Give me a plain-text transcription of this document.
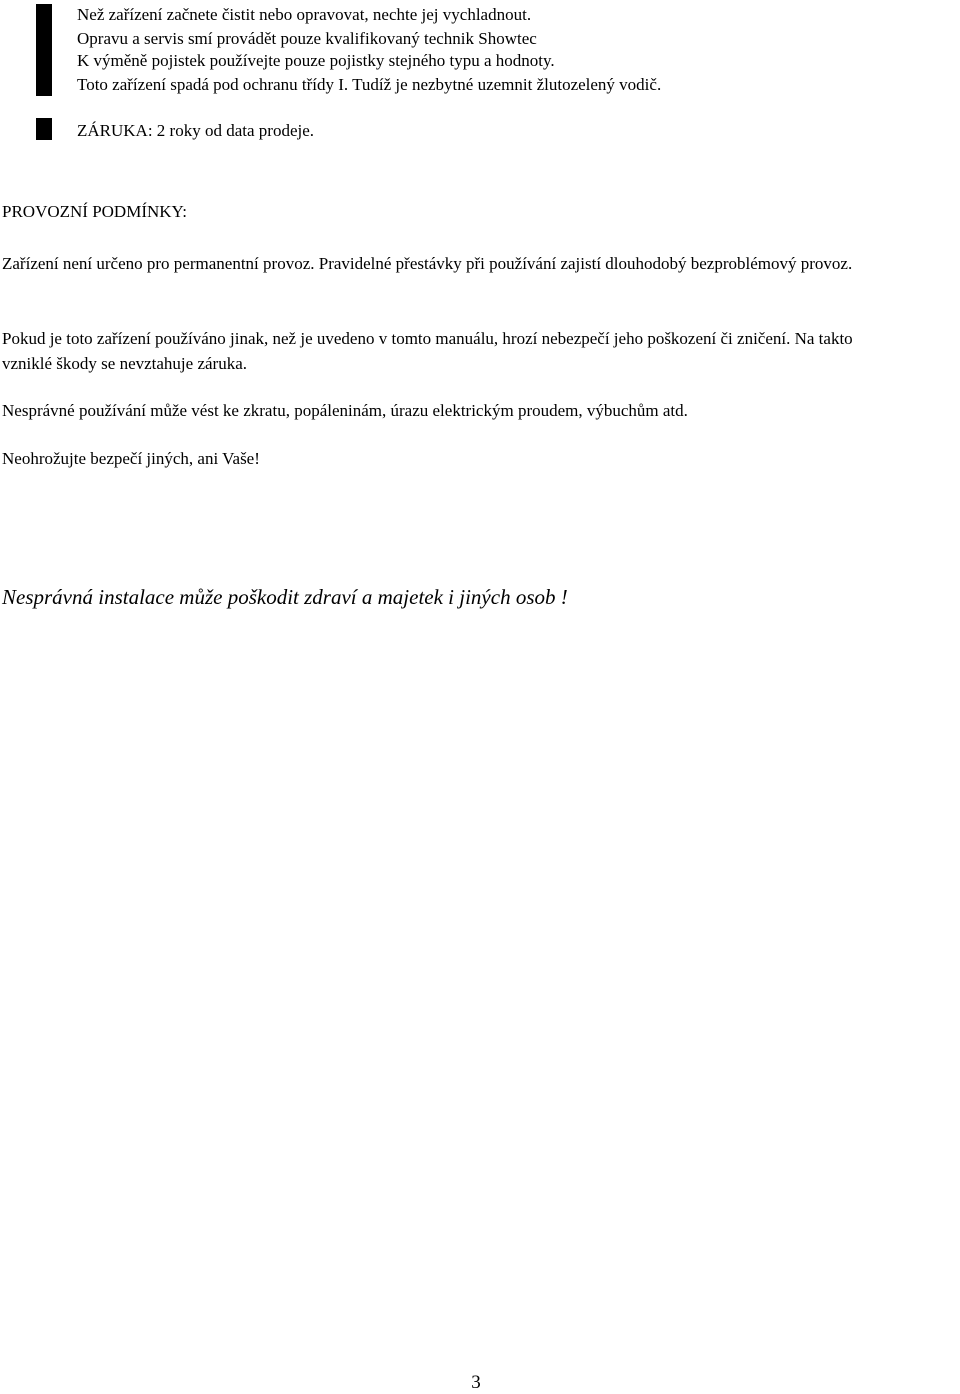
Než zařízení začnete čistit nebo opravovat, nechte jej vychladnout.
Opravu a servis smí provádět pouze kvalifikovaný technik Showtec
K výměně pojistek používejte pouze pojistky stejného typu a hodnoty.
Toto zařízení spadá pod ochranu třídy I. Tudíž je nezbytné uzemnit žlutozelený vodič.
ZÁRUKA: 2 roky od data prodeje.
PROVOZNÍ PODMÍNKY:
Zařízení není určeno pro permanentní provoz. Pravidelné přestávky při používání zajistí dlouhodobý bezproblémový provoz.
Pokud je toto zařízení používáno jinak, než je uvedeno v tomto manuálu, hrozí nebezpečí jeho poškození či zničení. Na takto vzniklé škody se nevztahuje záruka.
Nesprávné používání může vést ke zkratu, popáleninám, úrazu elektrickým proudem, výbuchům atd.
Neohrožujte bezpečí jiných, ani Vaše!
Nesprávná instalace může poškodit zdraví a majetek i jiných osob !
3
